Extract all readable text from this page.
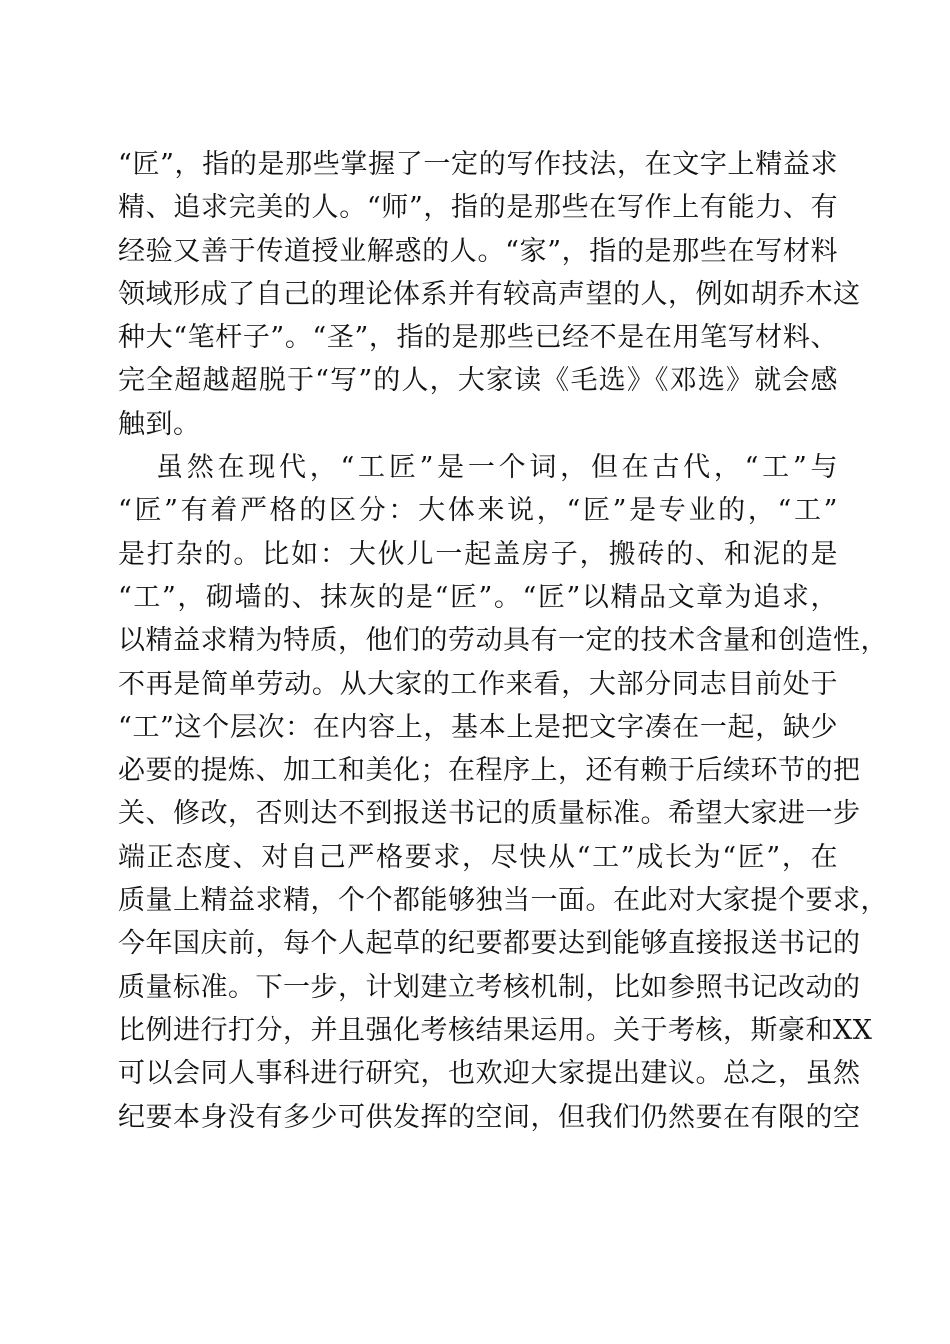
“匠”，指的是那些掌握了一定的写作技法，在文字上精益求
精、追求完美的人。“师”，指的是那些在写作上有能力、有
经验又善于传道授业解惑的人。“家”，指的是那些在写材料
领域形成了自己的理论体系并有较高声望的人，例如胡乔木这
种大“笔杆子”。“圣”，指的是那些已经不是在用笔写材料、
完全超越超脱于“写”的人，大家读《毛选》《邓选》就会感
触到。
虽然在现代，“工匠”是一个词，但在古代，“工”与
“匠”有着严格的区分：大体来说，“匠”是专业的，“工”
是打杂的。比如：大伙儿一起盖房子，搬砖的、和泥的是
“工”，砌墙的、抹灰的是“匠”。“匠”以精品文章为追求，
以精益求精为特质，他们的劳动具有一定的技术含量和创造性，
不再是简单劳动。从大家的工作来看，大部分同志目前处于
“工”这个层次：在内容上，基本上是把文字凑在一起，缺少
必要的提炼、加工和美化；在程序上，还有赖于后续环节的把
关、修改，否则达不到报送书记的质量标准。希望大家进一步
端正态度、对自己严格要求，尽快从“工”成长为“匠”，在
质量上精益求精，个个都能够独当一面。在此对大家提个要求，
今年国庆前，每个人起草的纪要都要达到能够直接报送书记的
质量标准。下一步，计划建立考核机制，比如参照书记改动的
比例进行打分，并且强化考核结果运用。关于考核，斯豪和XX
可以会同人事科进行研究，也欢迎大家提出建议。总之，虽然
纪要本身没有多少可供发挥的空间，但我们仍然要在有限的空
